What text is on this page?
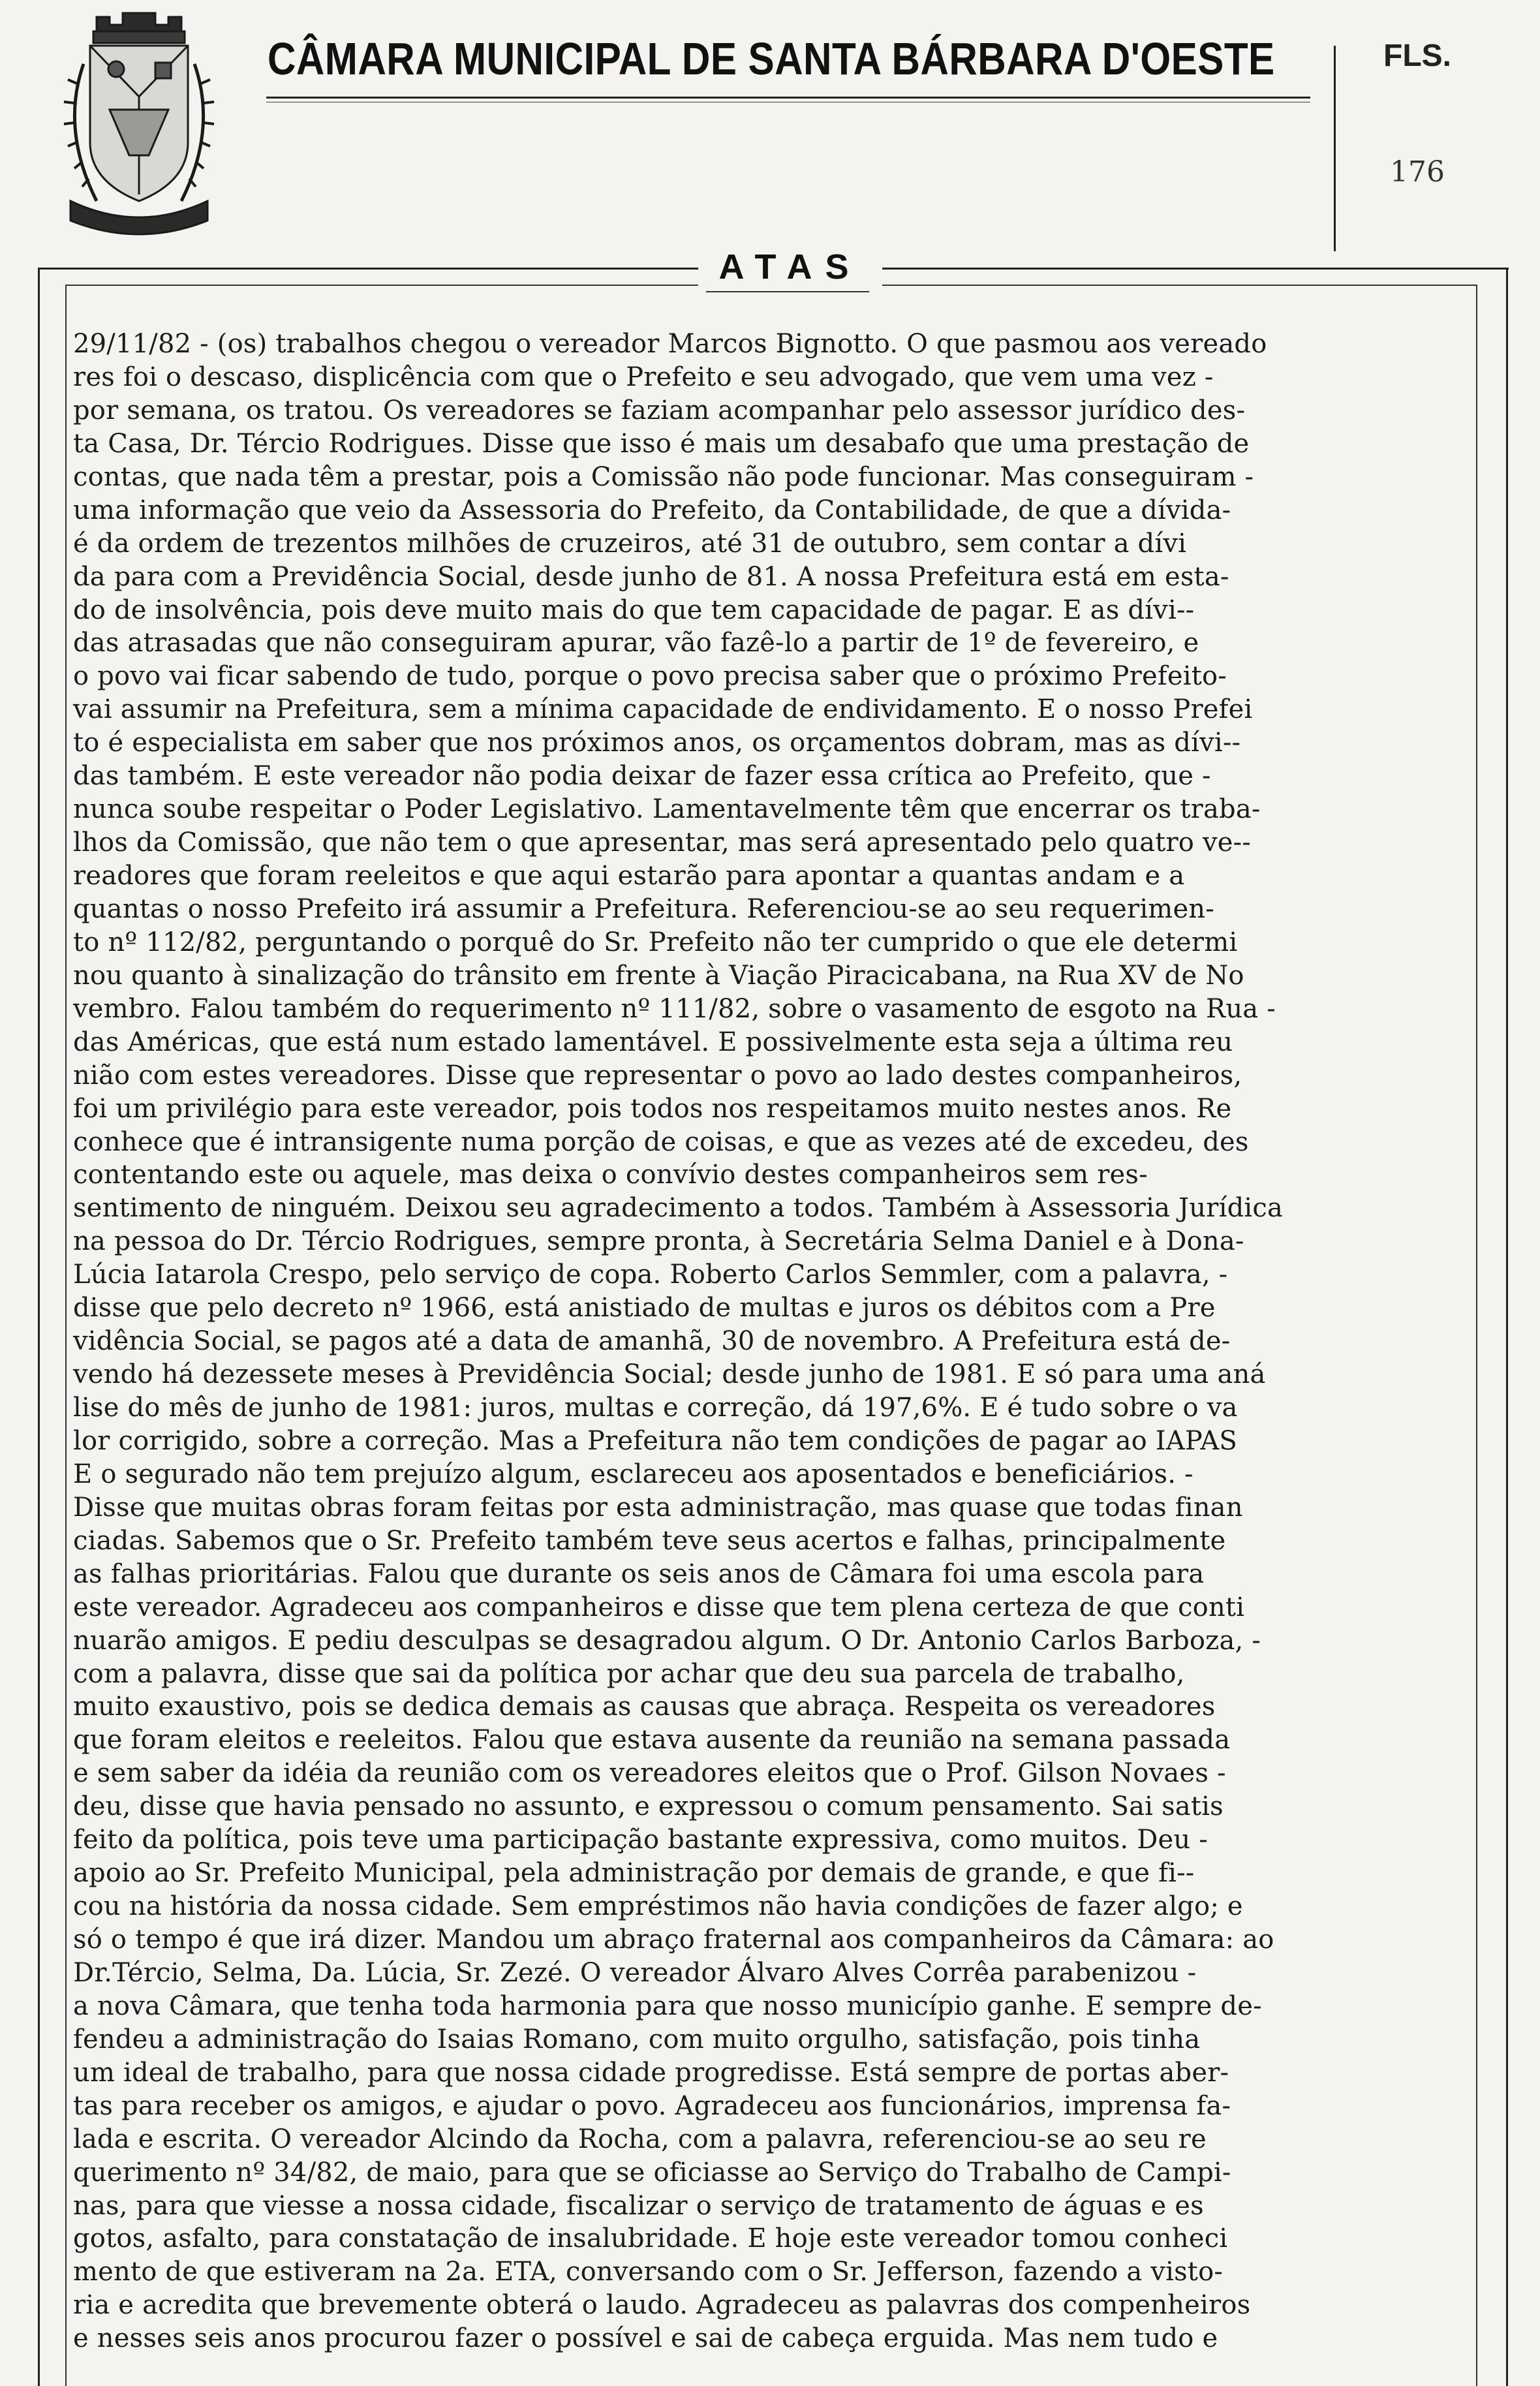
CÂMARA MUNICIPAL DE SANTA BÁRBARA D'OESTE	FLS.
176
ATAS
29/11/82 - (os) trabalhos chegou o vereador Marcos Bignotto. O que pasmou aos vereado
res foi o descaso, displicência com que o Prefeito e seu advogado, que vem uma vez -
por semana, os tratou. Os vereadores se faziam acompanhar pelo assessor jurídico des-
ta Casa, Dr. Tércio Rodrigues. Disse que isso é mais um desabafo que uma prestação de
contas, que nada têm a prestar, pois a Comissão não pode funcionar. Mas conseguiram -
uma informação que veio da Assessoria do Prefeito, da Contabilidade, de que a dívida-
é da ordem de trezentos milhões de cruzeiros, até 31 de outubro, sem contar a dívi
da para com a Previdência Social, desde junho de 81. A nossa Prefeitura está em esta-
do de insolvência, pois deve muito mais do que tem capacidade de pagar. E as dívi--
das atrasadas que não conseguiram apurar, vão fazê-lo a partir de 1º de fevereiro, e
o povo vai ficar sabendo de tudo, porque o povo precisa saber que o próximo Prefeito-
vai assumir na Prefeitura, sem a mínima capacidade de endividamento. E o nosso Prefei
to é especialista em saber que nos próximos anos, os orçamentos dobram, mas as dívi--
das também. E este vereador não podia deixar de fazer essa crítica ao Prefeito, que -
nunca soube respeitar o Poder Legislativo. Lamentavelmente têm que encerrar os traba-
lhos da Comissão, que não tem o que apresentar, mas será apresentado pelo quatro ve--
readores que foram reeleitos e que aqui estarão para apontar a quantas andam e a
quantas o nosso Prefeito irá assumir a Prefeitura. Referenciou-se ao seu requerimen-
to nº 112/82, perguntando o porquê do Sr. Prefeito não ter cumprido o que ele determi
nou quanto à sinalização do trânsito em frente à Viação Piracicabana, na Rua XV de No
vembro. Falou também do requerimento nº 111/82, sobre o vasamento de esgoto na Rua -
das Américas, que está num estado lamentável. E possivelmente esta seja a última reu
nião com estes vereadores. Disse que representar o povo ao lado destes companheiros,
foi um privilégio para este vereador, pois todos nos respeitamos muito nestes anos. Re
conhece que é intransigente numa porção de coisas, e que as vezes até de excedeu, des
contentando este ou aquele, mas deixa o convívio destes companheiros sem res-
sentimento de ninguém. Deixou seu agradecimento a todos. Também à Assessoria Jurídica
na pessoa do Dr. Tércio Rodrigues, sempre pronta, à Secretária Selma Daniel e à Dona-
Lúcia Iatarola Crespo, pelo serviço de copa. Roberto Carlos Semmler, com a palavra, -
disse que pelo decreto nº 1966, está anistiado de multas e juros os débitos com a Pre
vidência Social, se pagos até a data de amanhã, 30 de novembro. A Prefeitura está de-
vendo há dezessete meses à Previdência Social; desde junho de 1981. E só para uma aná
lise do mês de junho de 1981: juros, multas e correção, dá 197,6%. E é tudo sobre o va
lor corrigido, sobre a correção. Mas a Prefeitura não tem condições de pagar ao IAPAS
E o segurado não tem prejuízo algum, esclareceu aos aposentados e beneficiários. -
Disse que muitas obras foram feitas por esta administração, mas quase que todas finan
ciadas. Sabemos que o Sr. Prefeito também teve seus acertos e falhas, principalmente
as falhas prioritárias. Falou que durante os seis anos de Câmara foi uma escola para
este vereador. Agradeceu aos companheiros e disse que tem plena certeza de que conti
nuarão amigos. E pediu desculpas se desagradou algum. O Dr. Antonio Carlos Barboza, -
com a palavra, disse que sai da política por achar que deu sua parcela de trabalho,
muito exaustivo, pois se dedica demais as causas que abraça. Respeita os vereadores
que foram eleitos e reeleitos. Falou que estava ausente da reunião na semana passada
e sem saber da idéia da reunião com os vereadores eleitos que o Prof. Gilson Novaes -
deu, disse que havia pensado no assunto, e expressou o comum pensamento. Sai satis
feito da política, pois teve uma participação bastante expressiva, como muitos. Deu -
apoio ao Sr. Prefeito Municipal, pela administração por demais de grande, e que fi--
cou na história da nossa cidade. Sem empréstimos não havia condições de fazer algo; e
só o tempo é que irá dizer. Mandou um abraço fraternal aos companheiros da Câmara: ao
Dr.Tércio, Selma, Da. Lúcia, Sr. Zezé. O vereador Álvaro Alves Corrêa parabenizou -
a nova Câmara, que tenha toda harmonia para que nosso município ganhe. E sempre de-
fendeu a administração do Isaias Romano, com muito orgulho, satisfação, pois tinha
um ideal de trabalho, para que nossa cidade progredisse. Está sempre de portas aber-
tas para receber os amigos, e ajudar o povo. Agradeceu aos funcionários, imprensa fa-
lada e escrita. O vereador Alcindo da Rocha, com a palavra, referenciou-se ao seu re
querimento nº 34/82, de maio, para que se oficiasse ao Serviço do Trabalho de Campi-
nas, para que viesse a nossa cidade, fiscalizar o serviço de tratamento de águas e es
gotos, asfalto, para constatação de insalubridade. E hoje este vereador tomou conheci
mento de que estiveram na 2a. ETA, conversando com o Sr. Jefferson, fazendo a visto-
ria e acredita que brevemente obterá o laudo. Agradeceu as palavras dos compenheiros
e nesses seis anos procurou fazer o possível e sai de cabeça erguida. Mas nem tudo e
